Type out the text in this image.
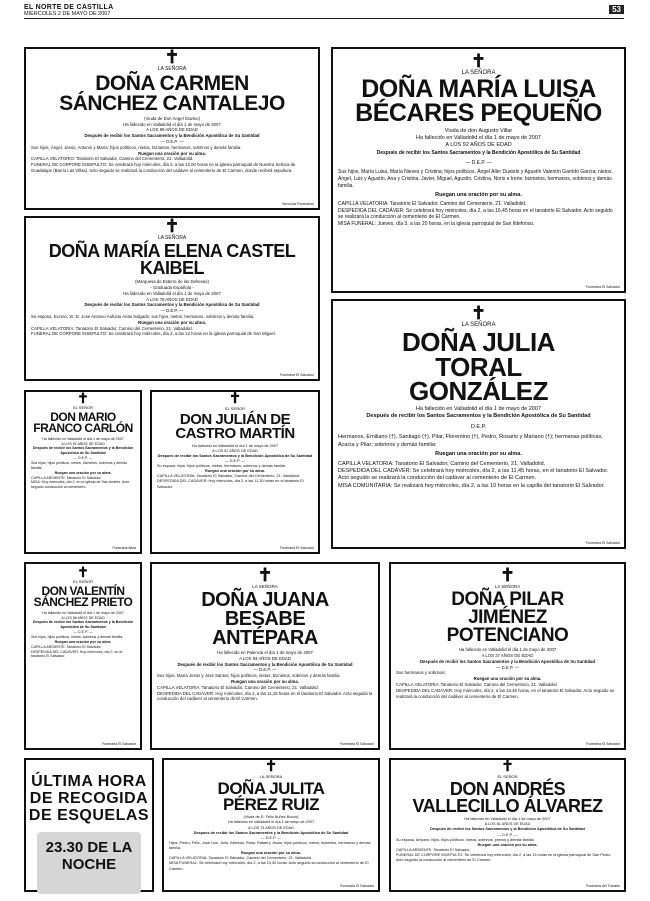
EL NORTE DE CASTILLA
MIÉRCOLES 2 DE MAYO DE 2007	53
✝
LA SEÑORA
DOÑA CARMEN SÁNCHEZ CANTALEJO
(Viuda de Don Ángel Gavino)
Ha fallecido en Valladolid el día 1 de mayo de 2007
A LOS 88 AÑOS DE EDAD
Después de recibir los Santos Sacramentos y la Bendición Apostólica de Su Santidad
— D.E.P. —
Sus hijos, Ángel, Jesús, Antonio y María; hijos políticos, nietos, biznietos, hermanos, sobrinos y demás familia.
Ruegan una oración por su alma.
CAPILLA VELATORIO: Tanatorio El Salvador, Camino del Cementerio, 21. Valladolid.
FUNERAL DE CORPORE INSEPULTO: Se celebrará hoy miércoles, día 2, a las 12,00 horas en la iglesia parroquial de Nuestra Señora de Guadalupe (Barrio Las Villas). Acto seguido se realizará la conducción del cadáver al cementerio de El Carmen, donde recibirá sepultura.
Servicios Funerarios
✝
LA SEÑORA
DOÑA MARÍA LUISA BÉCARES PEQUEÑO
Viuda de don Augusto Villar
Ha fallecido en Valladolid el día 1 de mayo de 2007
A LOS 92 AÑOS DE EDAD
Después de recibir los Santos Sacramentos y la Bendición Apostólica de Su Santidad
— D.E.P. —
Sus hijos, María Luisa, María Nieves y Cristina; hijos políticos, Ángel Aller Dustelo y Agustín Valentín Garrido García; nietos, Ángel, Luis y Agustín, Ana y Cristina, Javier, Miguel, Agustín, Cristina, Noris e Irene; biznietos, hermanos, sobrinos y demás familia.
Ruegan una oración por su alma.
CAPILLA VELATORIA: Tanatorio El Salvador, Camino del Cementerio, 21. Valladolid.
DESPEDIDA DEL CADÁVER: Se celebrará hoy miércoles, día 2, a las 16,45 horas en el tanatorio El Salvador. Acto seguido se realizará la conducción al cementerio de El Carmen.
MISA FUNERAL: Jueves, día 3, a las 20 horas, en la iglesia parroquial de San Ildefonso.
Funeraria El Salvador
✝
LA SEÑORA
DOÑA MARÍA ELENA CASTEL KAIBEL
(Marquesa de Esterre de las Dehesas)
- Graduada Española -
Ha fallecido en Valladolid el día 1 de mayo de 2007
A LOS 78 AÑOS DE EDAD
Después de recibir los Santos Sacramentos y la Bendición Apostólica de Su Santidad
— D.E.P. —
Su esposo, Excmo. Sr. D. José Antonio Aufusto Arias Salgado; sus hijos, nietos, hermanos, sobrinos y demás familia.
Ruegan una oración por su alma.
CAPILLA VELATORIA: Tanatorio El Salvador, Camino del Cementerio, 21. Valladolid.
FUNERAL DE CORPORE INSEPULTO: Se celebrará hoy miércoles, día 2, a las 12 horas en la iglesia parroquial de San Miguel.
Funeraria El Salvador
✝
LA SEÑORA
DOÑA JULIA TORAL GONZÁLEZ
Ha fallecido en Valladolid el día 1 de mayo de 2007
Después de recibir los Santos Sacramentos y la Bendición Apostólica de Su Santidad
D.E.P.
Hermanos, Emiliano (†), Santiago (†), Pilar, Florentino (†), Pedro, Rosario y Mariano (†); hermanas políticas, Acacia y Pilar; sobrinos y demás familia:
Ruegan una oración por su alma.
CAPILLA VELATORIA: Tanatorio El Salvador, Camino del Cementerio, 21. Valladolid.
DESPEDIDA DEL CADÁVER: Se celebrará hoy miércoles, día 2, a las 11,45 horas, en el tanatorio El Salvador. Acto seguido se realizará la conducción del cadáver al cementerio de El Carmen.
MISA COMUNITARIA: Se realizará hoy miércoles, día 2, a las 10 horas en la capilla del tanatorio El Salvador.
Funeraria El Salvador
✝
EL SEÑOR
DON MARIO FRANCO CARLÓN
Ha fallecido en Valladolid el día 1 de mayo de 2007
A LOS 91 AÑOS DE EDAD
Después de recibir los Santos Sacramentos y la Bendición Apostólica de Su Santidad
— D.E.P. —
Sus hijos, hijos políticos, nietos, biznietos, sobrinos y demás familia.
Ruegan una oración por su alma.
CAPILLA ARDIENTE: Tanatorio El Salvador.
MISA: Hoy miércoles, día 2, en la iglesia de San Andrés. Acto seguido conducción al cementerio.
Funeraria Albia
✝
EL SEÑOR
DON JULIÁN DE CASTRO MARTÍN
Ha fallecido en Valladolid el día 1 de mayo de 2007
A LOS 92 AÑOS DE EDAD
Después de recibir los Santos Sacramentos y la Bendición Apostólica de Su Santidad
— D.E.P. —
Su esposa, hijos, hijos políticos, nietos, hermanos, sobrinos y demás familia.
Ruegan una oración por su alma.
CAPILLA VELATORIA: Tanatorio El Salvador, Camino del Cementerio, 21. Valladolid.
DESPEDIDA DEL CADÁVER: Hoy miércoles, día 2, a las 11,30 horas en el tanatorio El Salvador.
Funeraria El Salvador
✝
EL SEÑOR
DON VALENTÍN SÁNCHEZ PRIETO
Ha fallecido en Valladolid el día 1 de mayo de 2007
A LOS 86 AÑOS DE EDAD
Después de recibir los Santos Sacramentos y la Bendición Apostólica de Su Santidad
— D.E.P. —
Sus hijos, hijos políticos, nietos, sobrinos y demás familia.
Ruegan una oración por su alma.
CAPILLA ARDIENTE: Tanatorio El Salvador.
DESPEDIDA DEL CADÁVER: Hoy miércoles, día 2, en el tanatorio El Salvador.
Funeraria El Salvador
✝
LA SEÑORA
DOÑA JUANA BESABE ANTÉPARA
Ha fallecido en Palencia el día 1 de mayo de 2007
A LOS 94 AÑOS DE EDAD
Después de recibir los Santos Sacramentos y la Bendición Apostólica de Su Santidad
— D.E.P. —
Sus hijos, María Jesús y José Santos; hijos políticos, nietos, biznietos, sobrinos y demás familia.
Ruegan una oración por su alma.
CAPILLA VELATORIA: Tanatorio El Salvador, Camino del Cementerio, 21. Valladolid.
DESPEDIDA DEL CADÁVER: Hoy miércoles, día 2, a las 11,15 horas en el tanatorio El Salvador. Acto seguido la conducción del cadáver al cementerio de El Carmen.
Funeraria El Salvador
✝
LA SEÑORA
DOÑA PILAR JIMÉNEZ POTENCIANO
Ha fallecido en Valladolid el día 1 de mayo de 2007
A LOS 37 AÑOS DE EDAD
Después de recibir los Santos Sacramentos y la Bendición Apostólica de Su Santidad
— D.E.P. —
Sus hermanos y sobrinos:
Ruegan una oración por su alma.
CAPILLA VELATORIA: Tanatorio El Salvador, Camino del Cementerio, 21. Valladolid.
DESPEDIDA DEL CADÁVER: Hoy miércoles, día 2, a las 13,45 horas, en el tanatorio El Salvador. Acto seguido se realizará la conducción del cadáver al cementerio de El Carmen.
Funeraria El Salvador
ÚLTIMA HORA DE RECOGIDA DE ESQUELAS
23.30 DE LA NOCHE
✝
LA SEÑORA
DOÑA JULITA PÉREZ RUIZ
(Viuda de D. Félix Núñez Bocos)
Ha fallecido en Valladolid el día 1 de mayo de 2007
A LOS 73 AÑOS DE EDAD
Después de recibir los Santos Sacramentos y la Bendición Apostólica de Su Santidad
— D.E.P. —
Hijos, Pedro, Félix, José Luis, Julia, Esteban, Rosa, Rafael y Jesús; hijos políticos, nietos, biznietos, hermanos y demás familia.
Ruegan una oración por su alma.
CAPILLA VELATORIA: Tanatorio El Salvador, Camino del Cementerio, 21. Valladolid.
MISA FUNERAL: Se celebrará hoy miércoles, día 2, a las 10,30 horas. Acto seguido la conducción al cementerio de El Carmen.
Funeraria El Salvador
✝
EL SEÑOR
DON ANDRÉS VALLECILLO ÁLVAREZ
Ha fallecido en Valladolid el día 1 de mayo de 2007
A LOS 81 AÑOS DE EDAD
Después de recibir los Santos Sacramentos y la Bendición Apostólica de Su Santidad
— D.E.P. —
Su esposa, Amparo; hijos, hijos políticos, nietos, sobrinos, primos y demás familia.
Ruegan una oración por su alma.
CAPILLA ARDIENTE: Tanatorio El Salvador.
FUNERAL DE CORPORE INSEPULTO: Se celebrará hoy miércoles, día 2, a las 13 horas en la iglesia parroquial de San Pedro. Acto seguido la conducción al cementerio de El Carmen.
Funeraria del Tránsito
